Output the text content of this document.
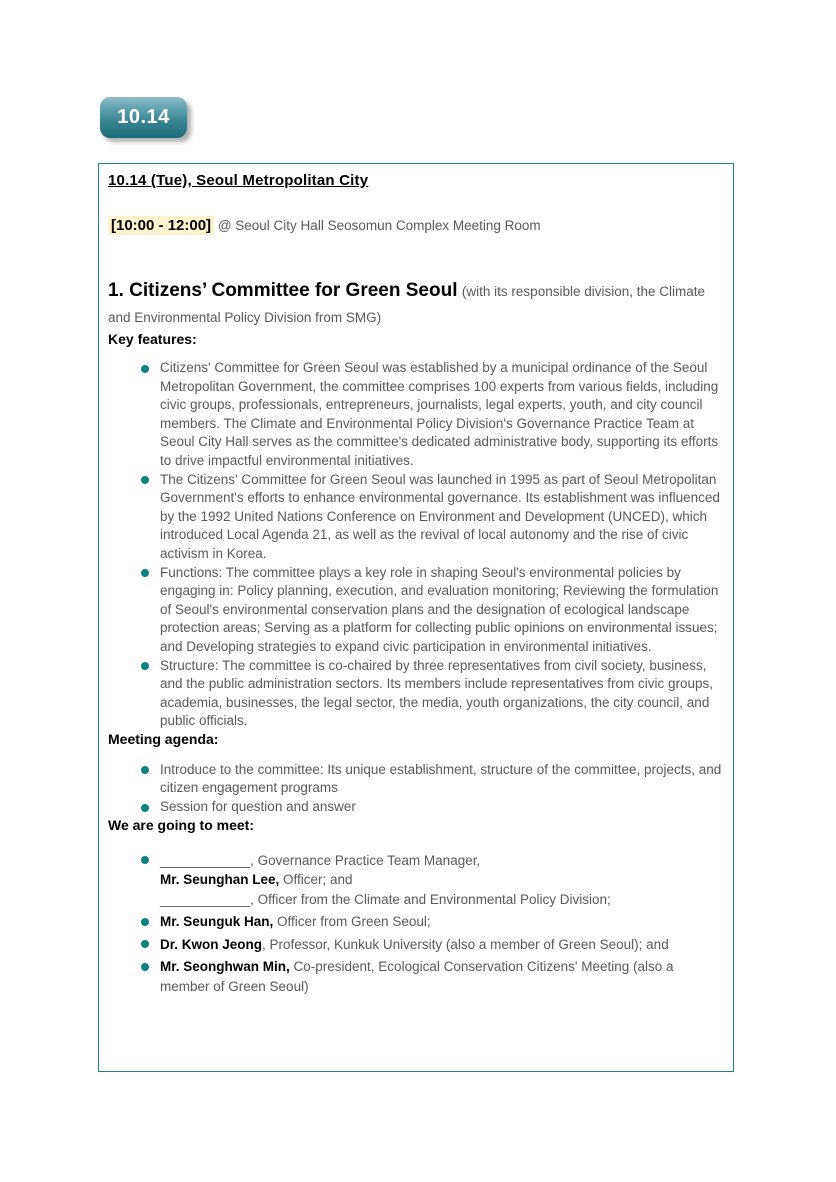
10.14
10.14 (Tue), Seoul Metropolitan City

[10:00 - 12:00] @ Seoul City Hall Seosomun Complex Meeting Room

1. Citizens’ Committee for Green Seoul (with its responsible division, the Climate and Environmental Policy Division from SMG)

Key features:
Citizens' Committee for Green Seoul was established by a municipal ordinance of the Seoul Metropolitan Government, the committee comprises 100 experts from various fields, including civic groups, professionals, entrepreneurs, journalists, legal experts, youth, and city council members. The Climate and Environmental Policy Division's Governance Practice Team at Seoul City Hall serves as the committee's dedicated administrative body, supporting its efforts to drive impactful environmental initiatives.
The Citizens' Committee for Green Seoul was launched in 1995 as part of Seoul Metropolitan Government's efforts to enhance environmental governance. Its establishment was influenced by the 1992 United Nations Conference on Environment and Development (UNCED), which introduced Local Agenda 21, as well as the revival of local autonomy and the rise of civic activism in Korea.
Functions: The committee plays a key role in shaping Seoul's environmental policies by engaging in: Policy planning, execution, and evaluation monitoring; Reviewing the formulation of Seoul's environmental conservation plans and the designation of ecological landscape protection areas; Serving as a platform for collecting public opinions on environmental issues; and Developing strategies to expand civic participation in environmental initiatives.
Structure: The committee is co-chaired by three representatives from civil society, business, and the public administration sectors. Its members include representatives from civic groups, academia, businesses, the legal sector, the media, youth organizations, the city council, and public officials.
Meeting agenda:
Introduce to the committee: Its unique establishment, structure of the committee, projects, and citizen engagement programs
Session for question and answer
We are going to meet:
____________, Governance Practice Team Manager,
Mr. Seunghan Lee, Officer; and
____________, Officer from the Climate and Environmental Policy Division;
Mr. Seunguk Han, Officer from Green Seoul;
Dr. Kwon Jeong, Professor, Kunkuk University (also a member of Green Seoul); and
Mr. Seonghwan Min, Co-president, Ecological Conservation Citizens' Meeting (also a member of Green Seoul)
